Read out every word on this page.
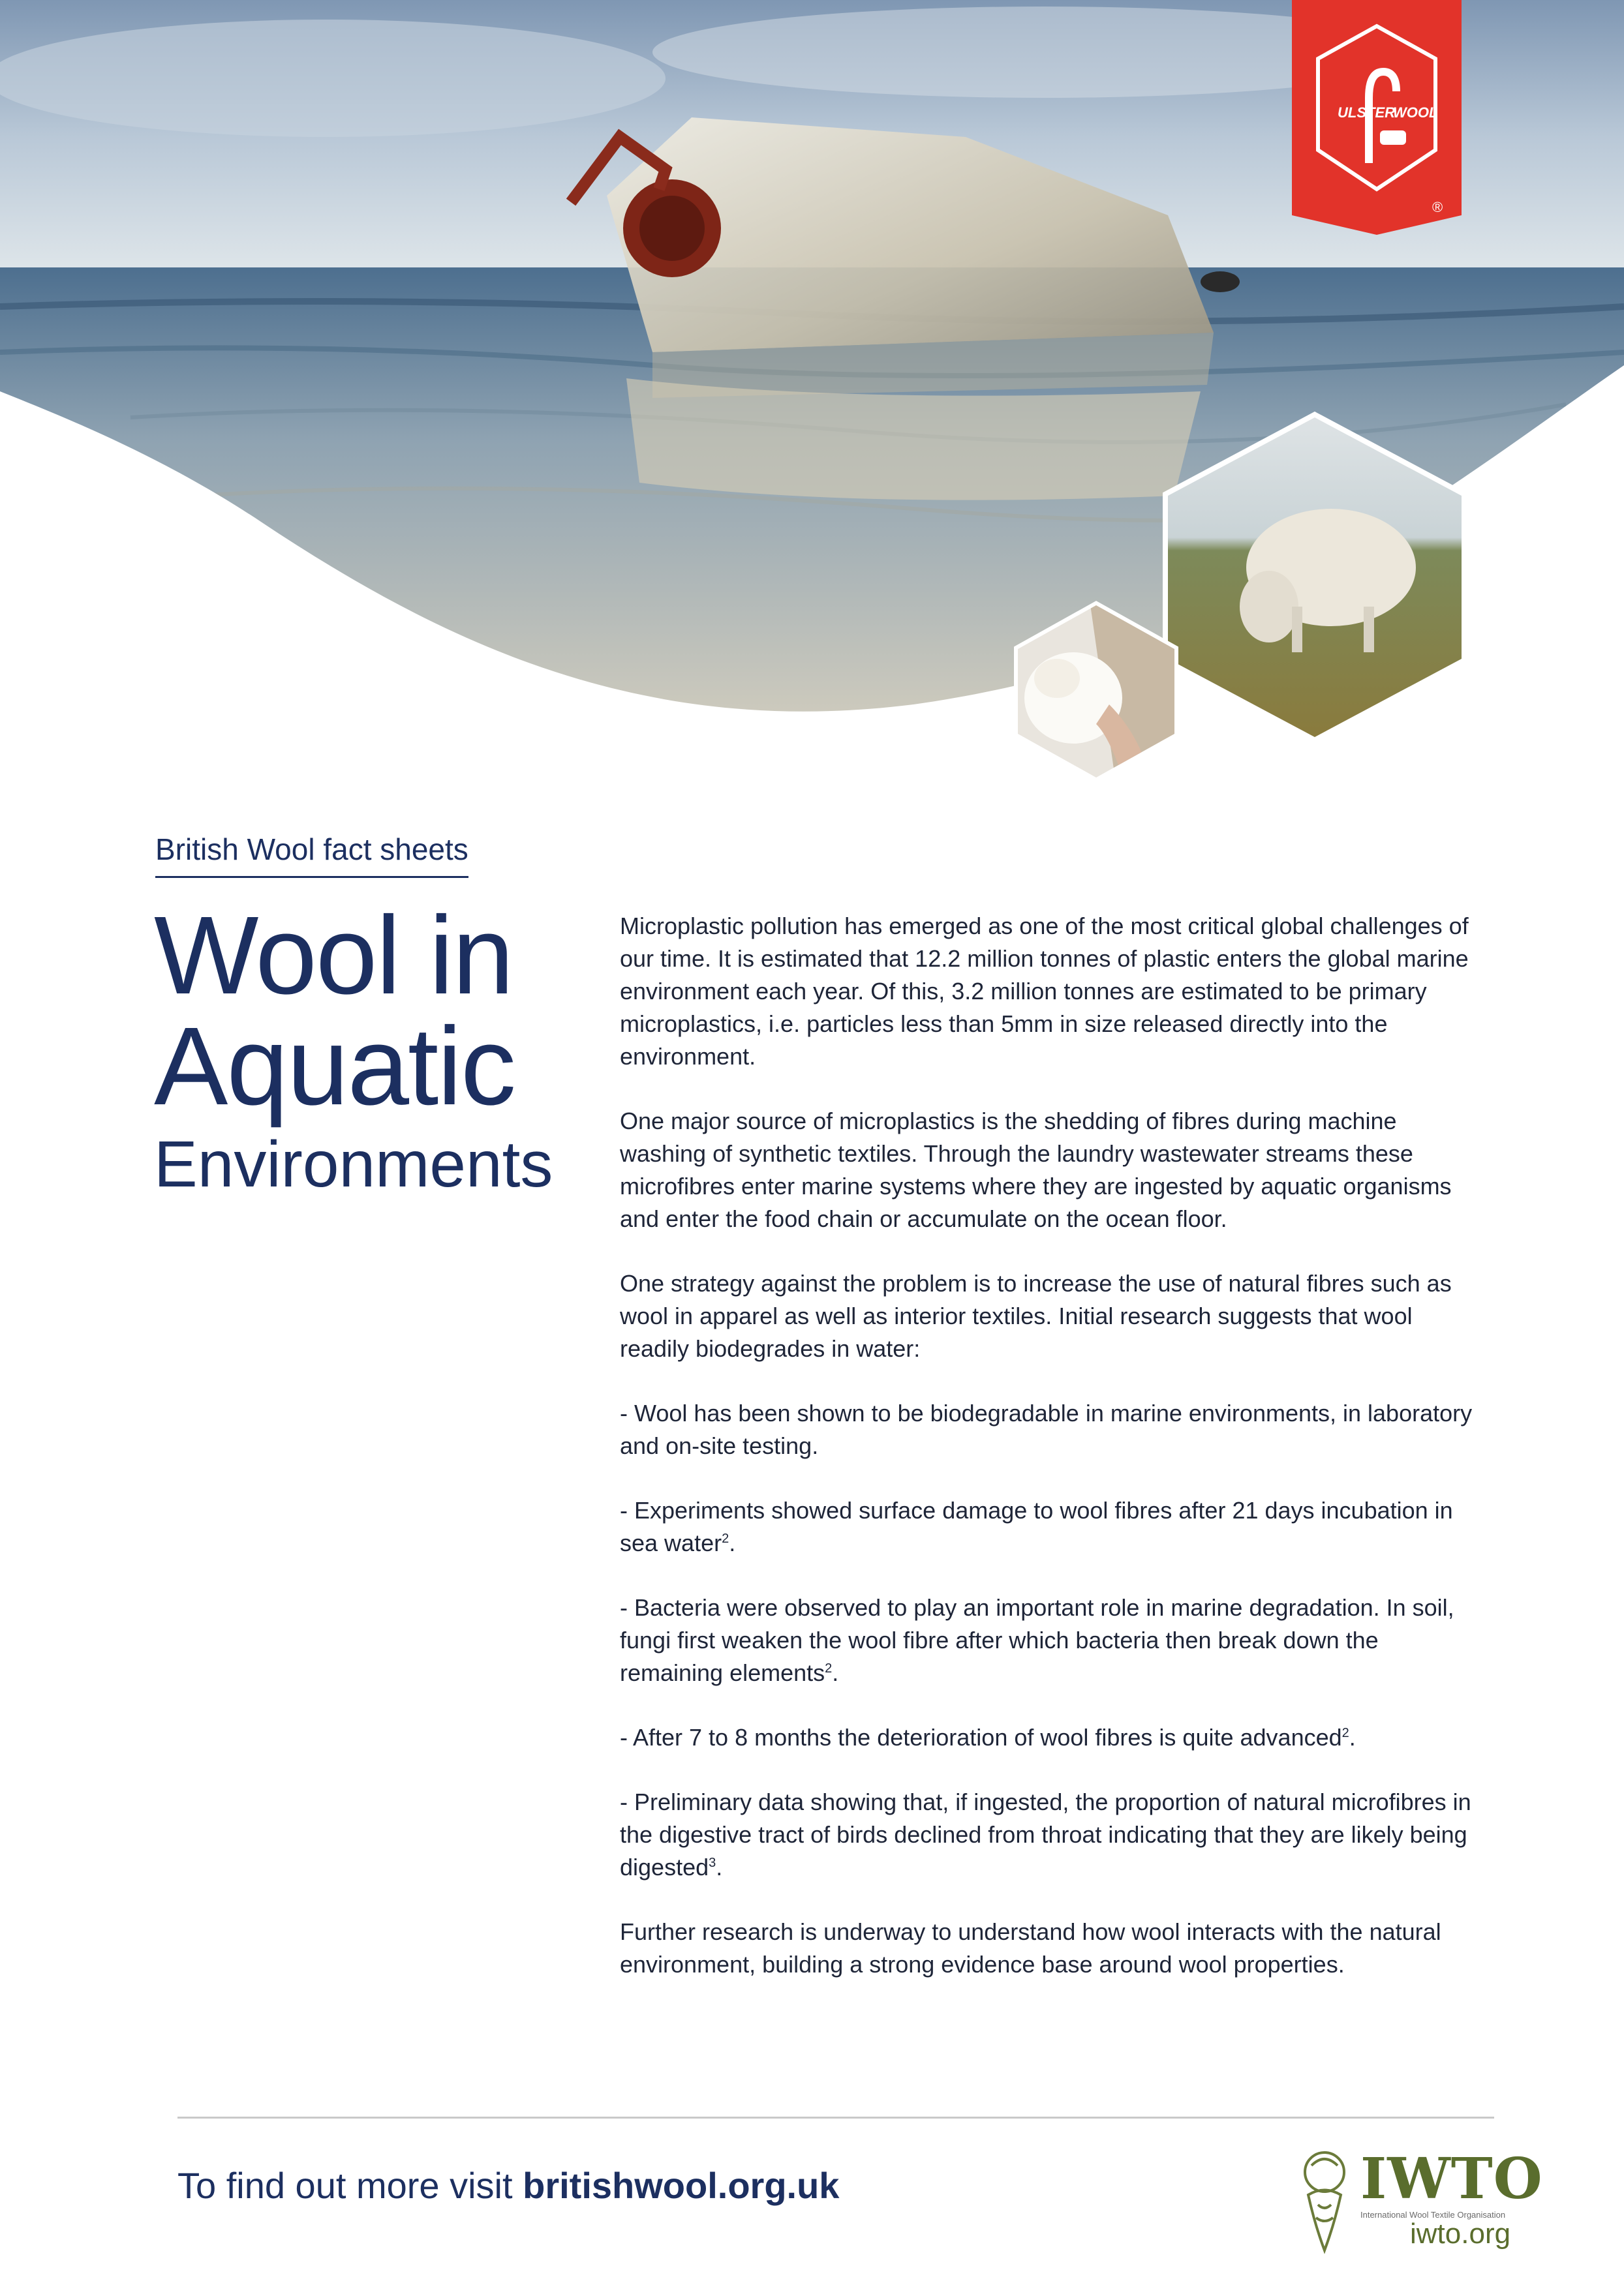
ULSTER
WOOL
®
British Wool fact sheets
Wool in
Aquatic
Environments

Microplastic pollution has emerged as one of the most critical global challenges of our time. It is estimated that 12.2 million tonnes of plastic enters the global marine environment each year. Of this, 3.2 million tonnes are estimated to be primary microplastics, i.e. particles less than 5mm in size released directly into the environment.

One major source of microplastics is the shedding of fibres during machine washing of synthetic textiles. Through the laundry wastewater streams these microfibres enter marine systems where they are ingested by aquatic organisms and enter the food chain or accumulate on the ocean floor.

One strategy against the problem is to increase the use of natural fibres such as wool in apparel as well as interior textiles. Initial research suggests that wool readily biodegrades in water:

- Wool has been shown to be biodegradable in marine environments, in laboratory and on-site testing.

- Experiments showed surface damage to wool fibres after 21 days incubation in sea water$^2$.

- Bacteria were observed to play an important role in marine degradation. In soil, fungi first weaken the wool fibre after which bacteria then break down the remaining elements$^2$.

- After 7 to 8 months the deterioration of wool fibres is quite advanced$^2$.

- Preliminary data showing that, if ingested, the proportion of natural microfibres in the digestive tract of birds declined from throat indicating that they are likely being digested$^3$.

Further research is underway to understand how wool interacts with the natural environment, building a strong evidence base around wool properties.

To find out more visit britishwool.org.uk	IWTO
International Wool Textile Organisation
iwto.org
